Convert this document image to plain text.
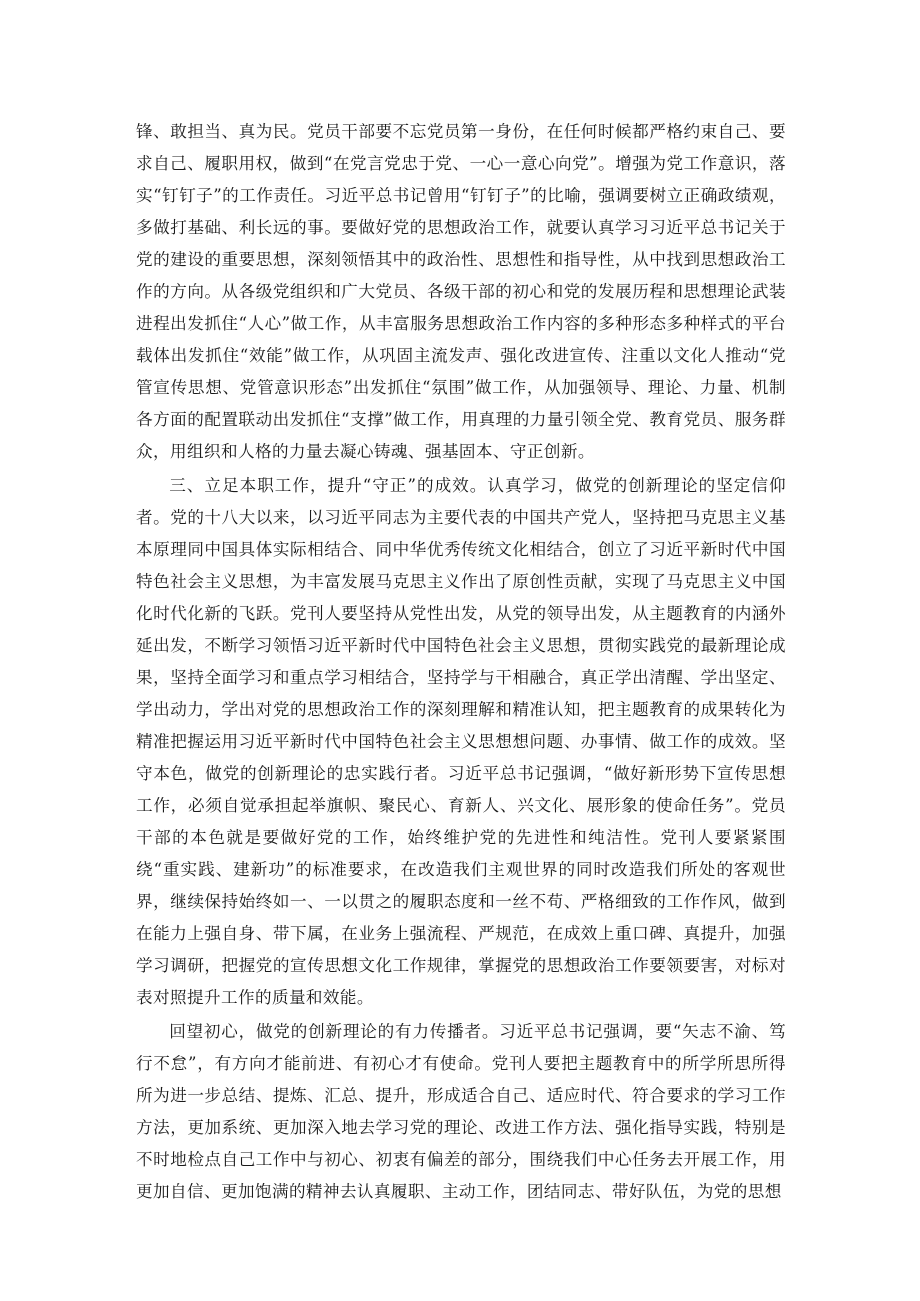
锋、敢担当、真为民。党员干部要不忘党员第一身份，在任何时候都严格约束自己、要求自己、履职用权，做到“在党言党忠于党、一心一意心向党”。增强为党工作意识，落实“钉钉子”的工作责任。习近平总书记曾用“钉钉子”的比喻，强调要树立正确政绩观，多做打基础、利长远的事。要做好党的思想政治工作，就要认真学习习近平总书记关于党的建设的重要思想，深刻领悟其中的政治性、思想性和指导性，从中找到思想政治工作的方向。从各级党组织和广大党员、各级干部的初心和党的发展历程和思想理论武装进程出发抓住“人心”做工作，从丰富服务思想政治工作内容的多种形态多种样式的平台载体出发抓住“效能”做工作，从巩固主流发声、强化改进宣传、注重以文化人推动“党管宣传思想、党管意识形态”出发抓住“氛围”做工作，从加强领导、理论、力量、机制各方面的配置联动出发抓住“支撑”做工作，用真理的力量引领全党、教育党员、服务群众，用组织和人格的力量去凝心铸魂、强基固本、守正创新。

三、立足本职工作，提升“守正”的成效。认真学习，做党的创新理论的坚定信仰者。党的十八大以来，以习近平同志为主要代表的中国共产党人，坚持把马克思主义基本原理同中国具体实际相结合、同中华优秀传统文化相结合，创立了习近平新时代中国特色社会主义思想，为丰富发展马克思主义作出了原创性贡献，实现了马克思主义中国化时代化新的飞跃。党刊人要坚持从党性出发，从党的领导出发，从主题教育的内涵外延出发，不断学习领悟习近平新时代中国特色社会主义思想，贯彻实践党的最新理论成果，坚持全面学习和重点学习相结合，坚持学与干相融合，真正学出清醒、学出坚定、学出动力，学出对党的思想政治工作的深刻理解和精准认知，把主题教育的成果转化为精准把握运用习近平新时代中国特色社会主义思想想问题、办事情、做工作的成效。坚守本色，做党的创新理论的忠实践行者。习近平总书记强调，“做好新形势下宣传思想工作，必须自觉承担起举旗帜、聚民心、育新人、兴文化、展形象的使命任务”。党员干部的本色就是要做好党的工作，始终维护党的先进性和纯洁性。党刊人要紧紧围绕“重实践、建新功”的标准要求，在改造我们主观世界的同时改造我们所处的客观世界，继续保持始终如一、一以贯之的履职态度和一丝不苟、严格细致的工作作风，做到在能力上强自身、带下属，在业务上强流程、严规范，在成效上重口碑、真提升，加强学习调研，把握党的宣传思想文化工作规律，掌握党的思想政治工作要领要害，对标对表对照提升工作的质量和效能。

回望初心，做党的创新理论的有力传播者。习近平总书记强调，要“矢志不渝、笃行不怠”，有方向才能前进、有初心才有使命。党刊人要把主题教育中的所学所思所得所为进一步总结、提炼、汇总、提升，形成适合自己、适应时代、符合要求的学习工作方法，更加系统、更加深入地去学习党的理论、改进工作方法、强化指导实践，特别是不时地检点自己工作中与初心、初衷有偏差的部分，围绕我们中心任务去开展工作，用更加自信、更加饱满的精神去认真履职、主动工作，团结同志、带好队伍，为党的思想
